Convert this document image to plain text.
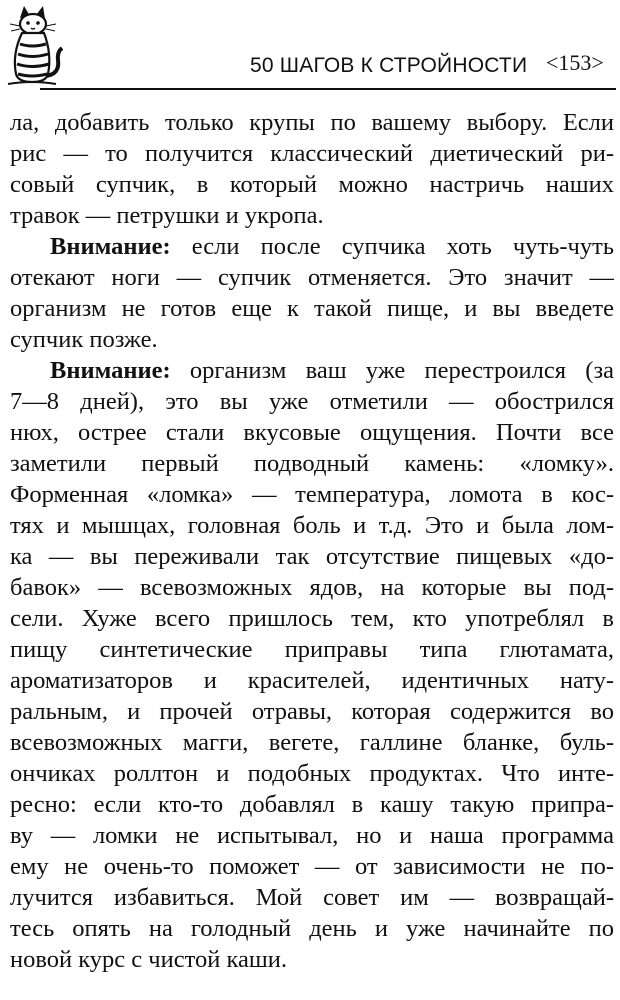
50 ШАГОВ К СТРОЙНОСТИ <153>
ла, добавить только крупы по вашему выбору. Если
рис — то получится классический диетический ри-
совый супчик, в который можно настричь наших
травок — петрушки и укропа.
Внимание: если после супчика хоть чуть-чуть
отекают ноги — супчик отменяется. Это значит —
организм не готов еще к такой пище, и вы введете
супчик позже.
Внимание: организм ваш уже перестроился (за
7—8 дней), это вы уже отметили — обострился
нюх, острее стали вкусовые ощущения. Почти все
заметили первый подводный камень: «ломку».
Форменная «ломка» — температура, ломота в кос-
тях и мышцах, головная боль и т.д. Это и была лом-
ка — вы переживали так отсутствие пищевых «до-
бавок» — всевозможных ядов, на которые вы под-
сели. Хуже всего пришлось тем, кто употреблял в
пищу синтетические приправы типа глютамата,
ароматизаторов и красителей, идентичных нату-
ральным, и прочей отравы, которая содержится во
всевозможных магги, вегете, галлине бланке, буль-
ончиках роллтон и подобных продуктах. Что инте-
ресно: если кто-то добавлял в кашу такую припра-
ву — ломки не испытывал, но и наша программа
ему не очень-то поможет — от зависимости не по-
лучится избавиться. Мой совет им — возвращай-
тесь опять на голодный день и уже начинайте по
новой курс с чистой каши.
